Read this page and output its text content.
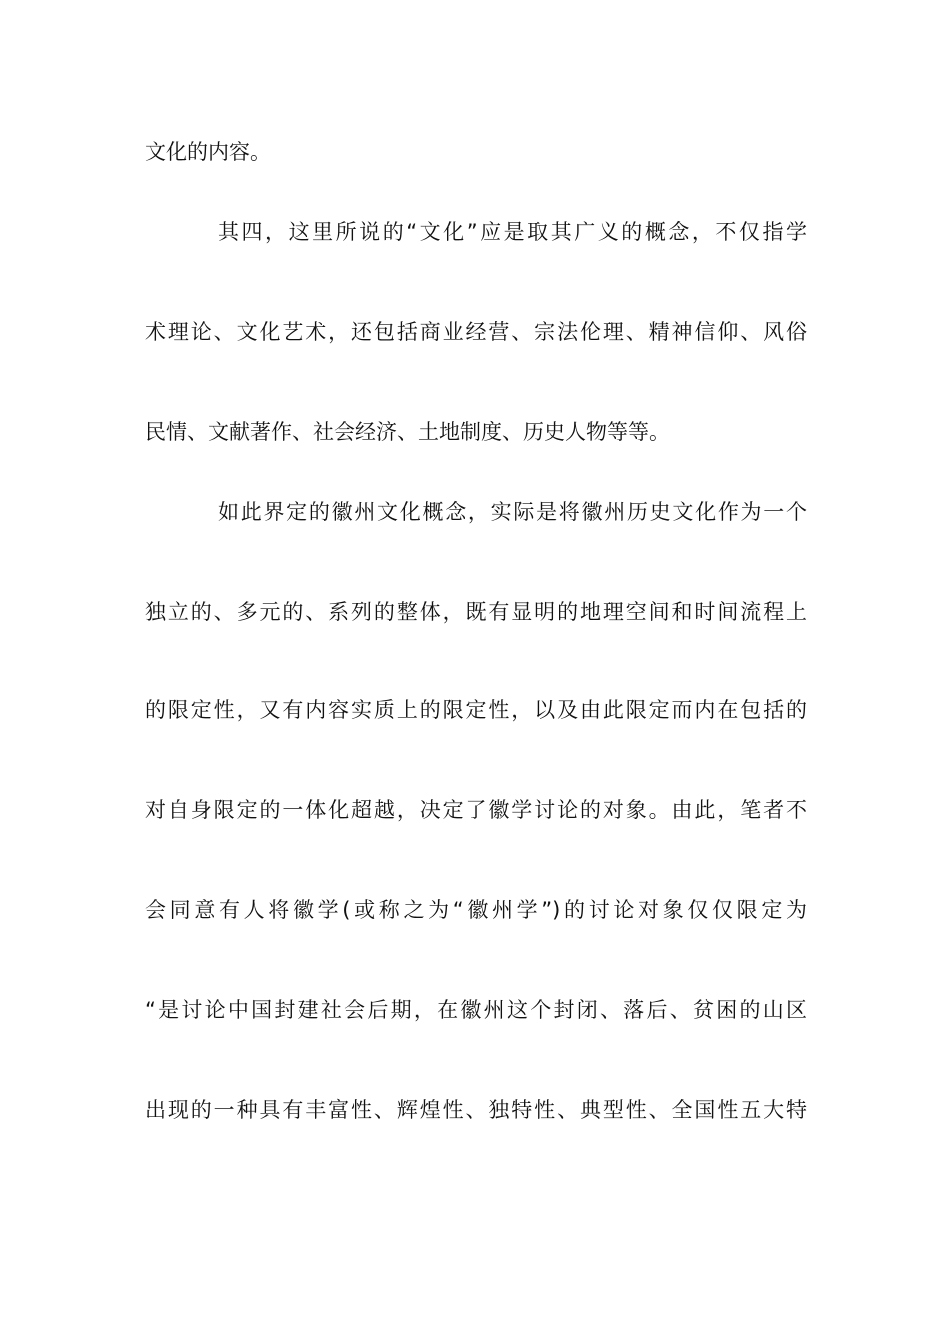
文化的内容。
其四，这里所说的“文化”应是取其广义的概念，不仅指学
术理论、文化艺术，还包括商业经营、宗法伦理、精神信仰、风俗
民情、文献著作、社会经济、土地制度、历史人物等等。
如此界定的徽州文化概念，实际是将徽州历史文化作为一个
独立的、多元的、系列的整体，既有显明的地理空间和时间流程上
的限定性，又有内容实质上的限定性，以及由此限定而内在包括的
对自身限定的一体化超越，决定了徽学讨论的对象。由此，笔者不
会同意有人将徽学(或称之为“徽州学”)的讨论对象仅仅限定为
“是讨论中国封建社会后期，在徽州这个封闭、落后、贫困的山区
出现的一种具有丰富性、辉煌性、独特性、典型性、全国性五大特
